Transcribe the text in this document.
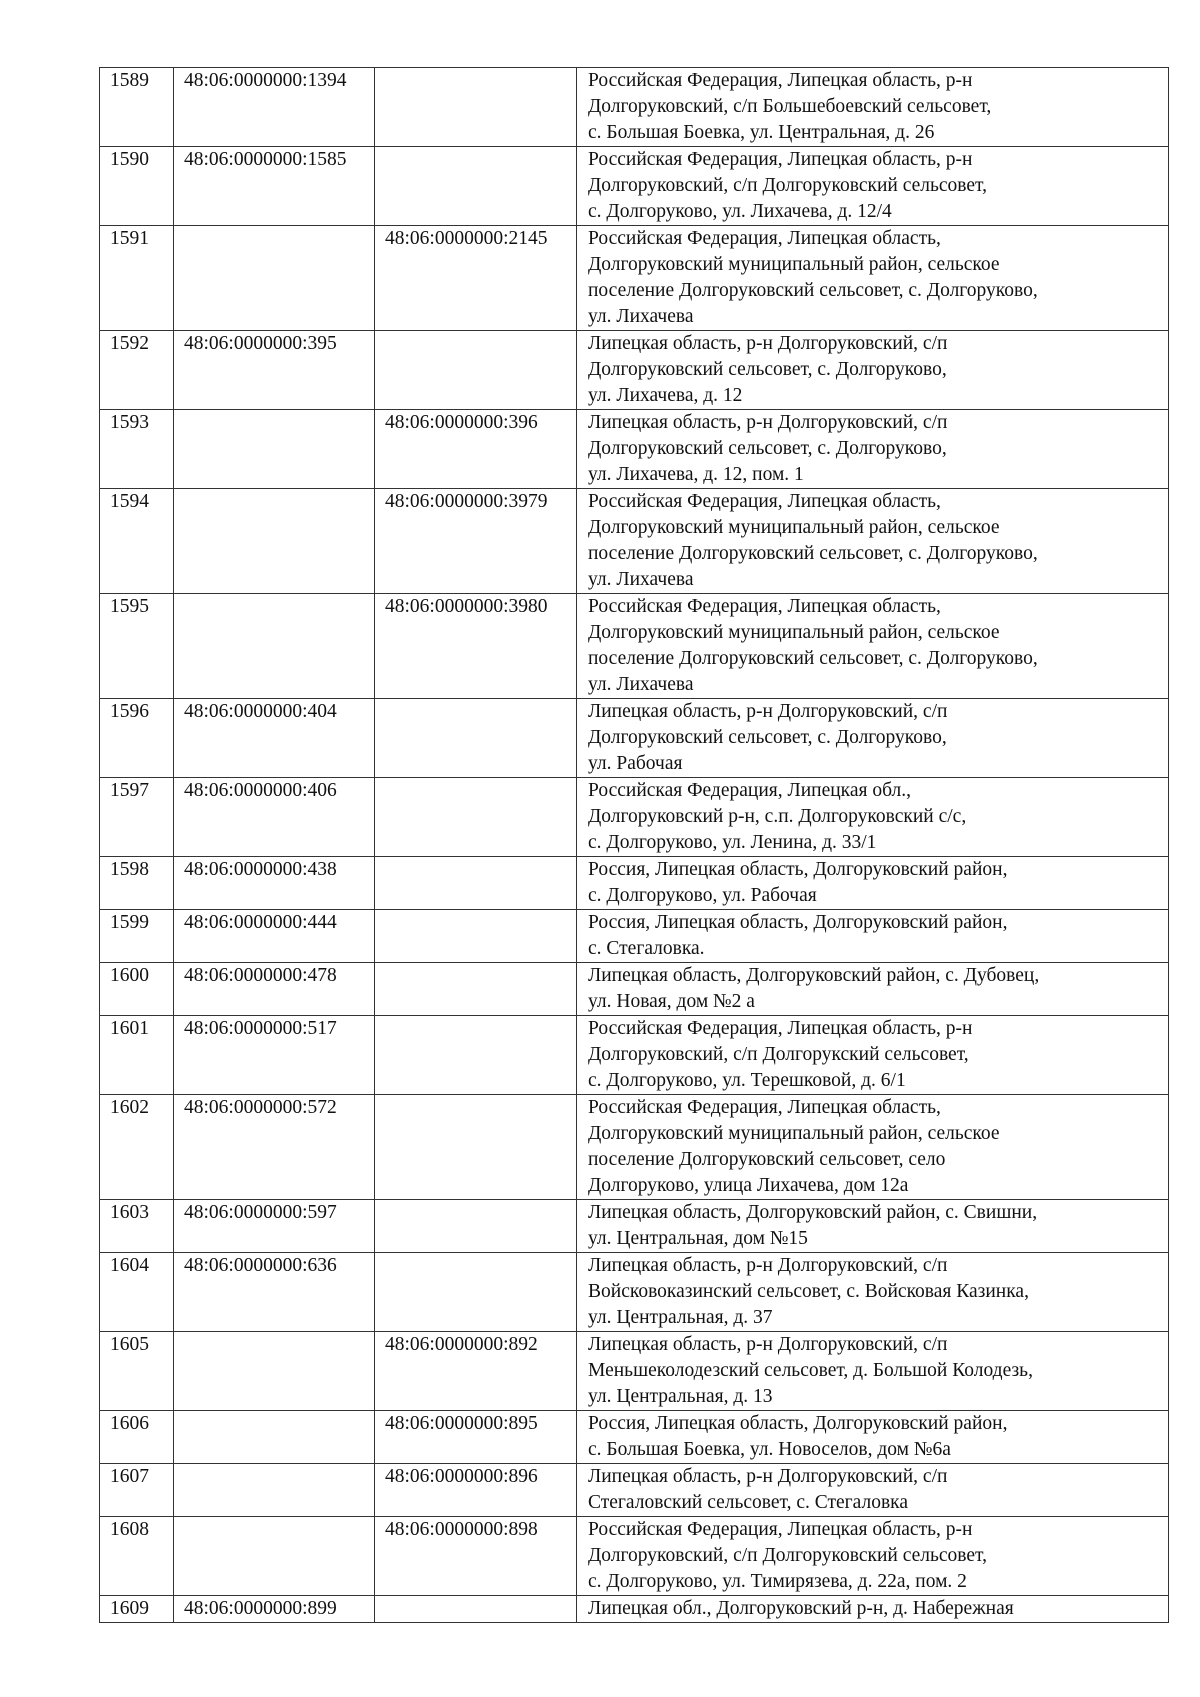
1589	48:06:0000000:1394		Российская Федерация, Липецкая область, р-н
Долгоруковский, с/п Большебоевский сельсовет,
с. Большая Боевка, ул. Центральная, д. 26

1590	48:06:0000000:1585		Российская Федерация, Липецкая область, р-н
Долгоруковский, с/п Долгоруковский сельсовет,
с. Долгоруково, ул. Лихачева, д. 12/4

1591		48:06:0000000:2145	Российская Федерация, Липецкая область,
Долгоруковский муниципальный район, сельское
поселение Долгоруковский сельсовет, с. Долгоруково,
ул. Лихачева

1592	48:06:0000000:395		Липецкая область, р-н Долгоруковский, с/п
Долгоруковский сельсовет, с. Долгоруково,
ул. Лихачева, д. 12

1593		48:06:0000000:396	Липецкая область, р-н Долгоруковский, с/п
Долгоруковский сельсовет, с. Долгоруково,
ул. Лихачева, д. 12, пом. 1

1594		48:06:0000000:3979	Российская Федерация, Липецкая область,
Долгоруковский муниципальный район, сельское
поселение Долгоруковский сельсовет, с. Долгоруково,
ул. Лихачева

1595		48:06:0000000:3980	Российская Федерация, Липецкая область,
Долгоруковский муниципальный район, сельское
поселение Долгоруковский сельсовет, с. Долгоруково,
ул. Лихачева

1596	48:06:0000000:404		Липецкая область, р-н Долгоруковский, с/п
Долгоруковский сельсовет, с. Долгоруково,
ул. Рабочая

1597	48:06:0000000:406		Российская Федерация, Липецкая обл.,
Долгоруковский р-н, с.п. Долгоруковский с/с,
с. Долгоруково, ул. Ленина, д. 33/1

1598	48:06:0000000:438		Россия, Липецкая область, Долгоруковский район,
с. Долгоруково, ул. Рабочая

1599	48:06:0000000:444		Россия, Липецкая область, Долгоруковский район,
с. Стегаловка.

1600	48:06:0000000:478		Липецкая область, Долгоруковский район, с. Дубовец,
ул. Новая, дом №2 а

1601	48:06:0000000:517		Российская Федерация, Липецкая область, р-н
Долгоруковский, с/п Долгорукский сельсовет,
с. Долгоруково, ул. Терешковой, д. 6/1

1602	48:06:0000000:572		Российская Федерация, Липецкая область,
Долгоруковский муниципальный район, сельское
поселение Долгоруковский сельсовет, село
Долгоруково, улица Лихачева, дом 12а

1603	48:06:0000000:597		Липецкая область, Долгоруковский район, с. Свишни,
ул. Центральная, дом №15

1604	48:06:0000000:636		Липецкая область, р-н Долгоруковский, с/п
Войсковоказинский сельсовет, с. Войсковая Казинка,
ул. Центральная, д. 37

1605		48:06:0000000:892	Липецкая область, р-н Долгоруковский, с/п
Меньшеколодезский сельсовет, д. Большой Колодезь,
ул. Центральная, д. 13

1606		48:06:0000000:895	Россия, Липецкая область, Долгоруковский район,
с. Большая Боевка, ул. Новоселов, дом №6а

1607		48:06:0000000:896	Липецкая область, р-н Долгоруковский, с/п
Стегаловский сельсовет, с. Стегаловка

1608		48:06:0000000:898	Российская Федерация, Липецкая область, р-н
Долгоруковский, с/п Долгоруковский сельсовет,
с. Долгоруково, ул. Тимирязева, д. 22а, пом. 2

1609	48:06:0000000:899		Липецкая обл., Долгоруковский р-н, д. Набережная
